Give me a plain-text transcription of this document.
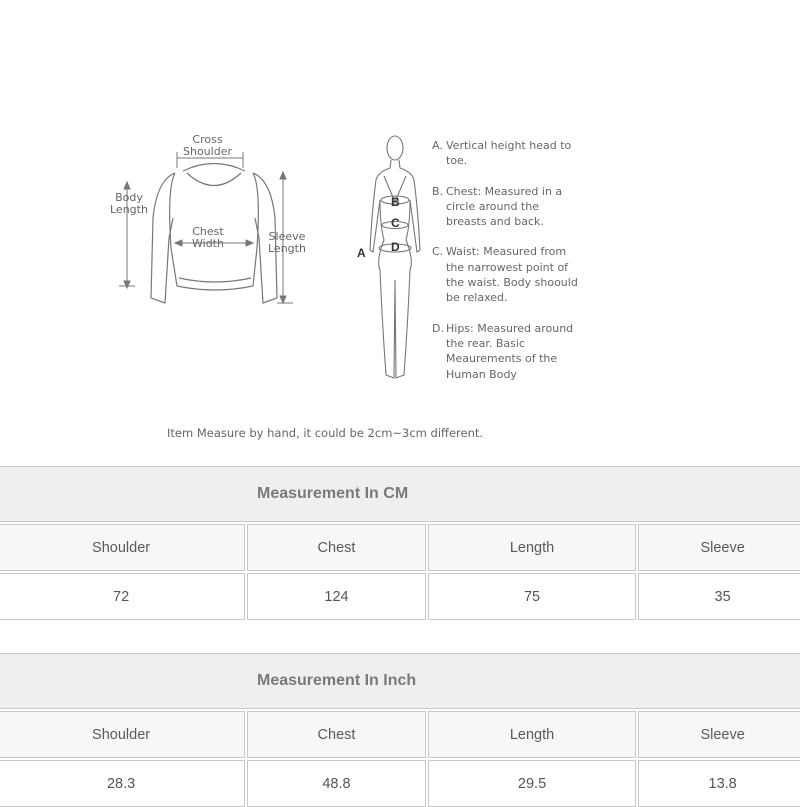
Cross
Shoulder
Body
Length
Chest
Width
Sleeve
Length
B
C
D
A
A. Vertical height head to toe.
B. Chest: Measured in a circle around the breasts and back.
C. Waist: Measured from the narrowest point of the waist. Body shoould be relaxed.
D. Hips: Measured around the rear. Basic Meaurements of the Human Body
Item Measure by hand, it could be 2cm~3cm different.
Measurement In CM
Shoulder	Chest	Length	Sleeve
72	124	75	35
Measurement In Inch
Shoulder	Chest	Length	Sleeve
28.3	48.8	29.5	13.8
